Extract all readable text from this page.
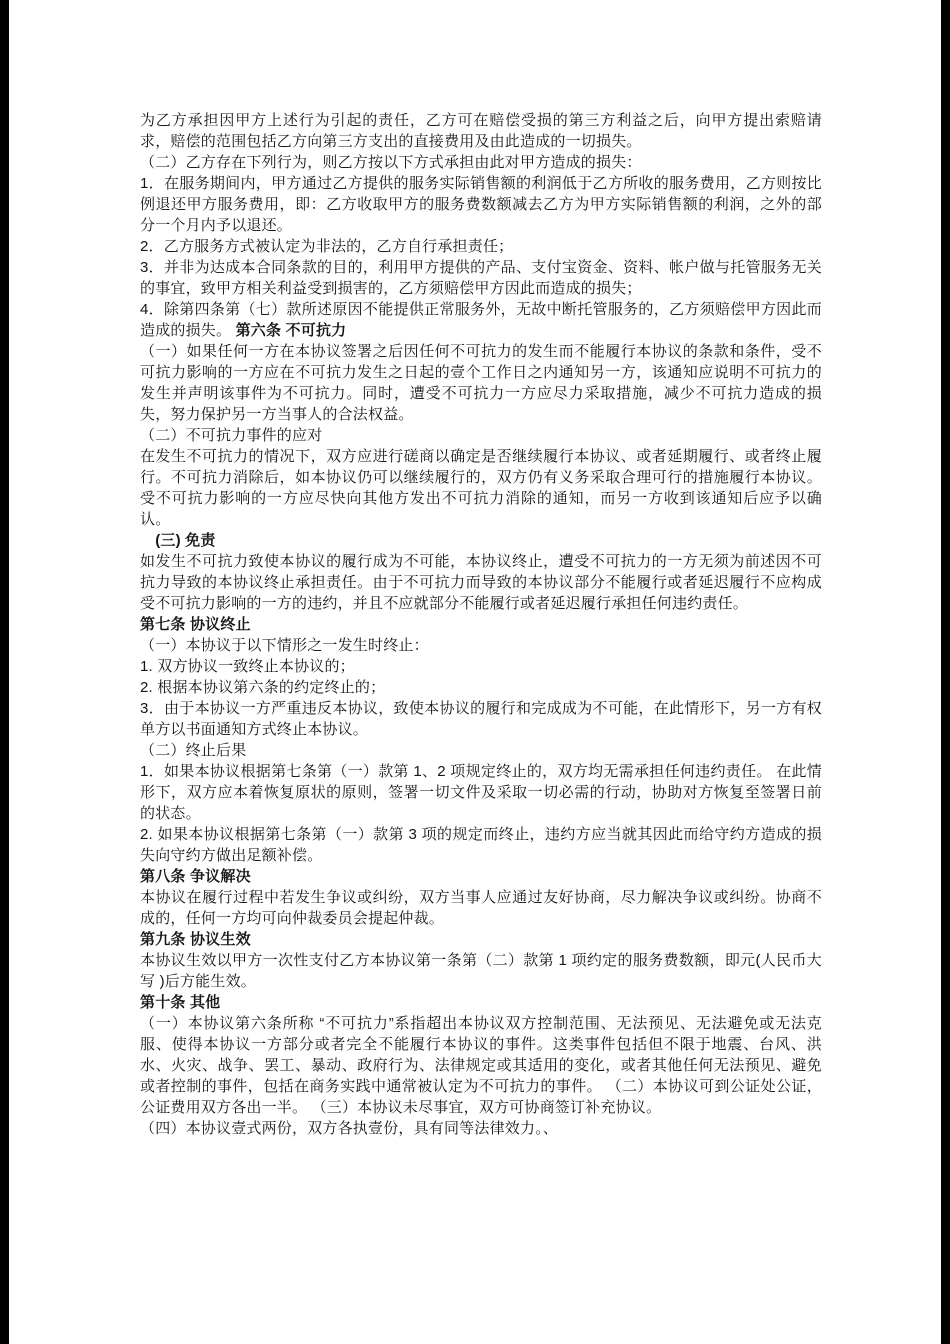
为乙方承担因甲方上述行为引起的责任，乙方可在赔偿受损的第三方利益之后，向甲方提出索赔请求，赔偿的范围包括乙方向第三方支出的直接费用及由此造成的一切损失。

（二）乙方存在下列行为，则乙方按以下方式承担由此对甲方造成的损失：

1．在服务期间内，甲方通过乙方提供的服务实际销售额的利润低于乙方所收的服务费用，乙方则按比例退还甲方服务费用，即：乙方收取甲方的服务费数额减去乙方为甲方实际销售额的利润，之外的部分一个月内予以退还。

2．乙方服务方式被认定为非法的，乙方自行承担责任；

3．并非为达成本合同条款的目的，利用甲方提供的产品、支付宝资金、资料、帐户做与托管服务无关的事宜，致甲方相关利益受到损害的，乙方须赔偿甲方因此而造成的损失；

4．除第四条第（七）款所述原因不能提供正常服务外，无故中断托管服务的，乙方须赔偿甲方因此而造成的损失。 第六条 不可抗力

（一）如果任何一方在本协议签署之后因任何不可抗力的发生而不能履行本协议的条款和条件，受不可抗力影响的一方应在不可抗力发生之日起的壹个工作日之内通知另一方，该通知应说明不可抗力的发生并声明该事件为不可抗力。同时，遭受不可抗力一方应尽力采取措施，减少不可抗力造成的损失，努力保护另一方当事人的合法权益。

（二）不可抗力事件的应对

在发生不可抗力的情况下，双方应进行磋商以确定是否继续履行本协议、或者延期履行、或者终止履行。不可抗力消除后，如本协议仍可以继续履行的，双方仍有义务采取合理可行的措施履行本协议。受不可抗力影响的一方应尽快向其他方发出不可抗力消除的通知，而另一方收到该通知后应予以确认。

　(三) 免责

如发生不可抗力致使本协议的履行成为不可能，本协议终止，遭受不可抗力的一方无须为前述因不可抗力导致的本协议终止承担责任。由于不可抗力而导致的本协议部分不能履行或者延迟履行不应构成受不可抗力影响的一方的违约，并且不应就部分不能履行或者延迟履行承担任何违约责任。

第七条 协议终止

（一）本协议于以下情形之一发生时终止：

1. 双方协议一致终止本协议的；

2. 根据本协议第六条的约定终止的；

3．由于本协议一方严重违反本协议，致使本协议的履行和完成成为不可能，在此情形下，另一方有权单方以书面通知方式终止本协议。

（二）终止后果

1．如果本协议根据第七条第（一）款第 1、2 项规定终止的，双方均无需承担任何违约责任。 在此情形下，双方应本着恢复原状的原则，签署一切文件及采取一切必需的行动，协助对方恢复至签署日前的状态。

2. 如果本协议根据第七条第（一）款第 3 项的规定而终止，违约方应当就其因此而给守约方造成的损失向守约方做出足额补偿。

第八条 争议解决

本协议在履行过程中若发生争议或纠纷，双方当事人应通过友好协商，尽力解决争议或纠纷。协商不成的，任何一方均可向仲裁委员会提起仲裁。

第九条 协议生效

本协议生效以甲方一次性支付乙方本协议第一条第（二）款第 1 项约定的服务费数额，即元(人民币大写 )后方能生效。

第十条 其他

（一）本协议第六条所称 “不可抗力”系指超出本协议双方控制范围、无法预见、无法避免或无法克服、使得本协议一方部分或者完全不能履行本协议的事件。这类事件包括但不限于地震、台风、洪水、火灾、战争、罢工、暴动、政府行为、法律规定或其适用的变化，或者其他任何无法预见、避免或者控制的事件，包括在商务实践中通常被认定为不可抗力的事件。 （二）本协议可到公证处公证，公证费用双方各出一半。 （三）本协议未尽事宜，双方可协商签订补充协议。

（四）本协议壹式两份，双方各执壹份，具有同等法律效力。、
